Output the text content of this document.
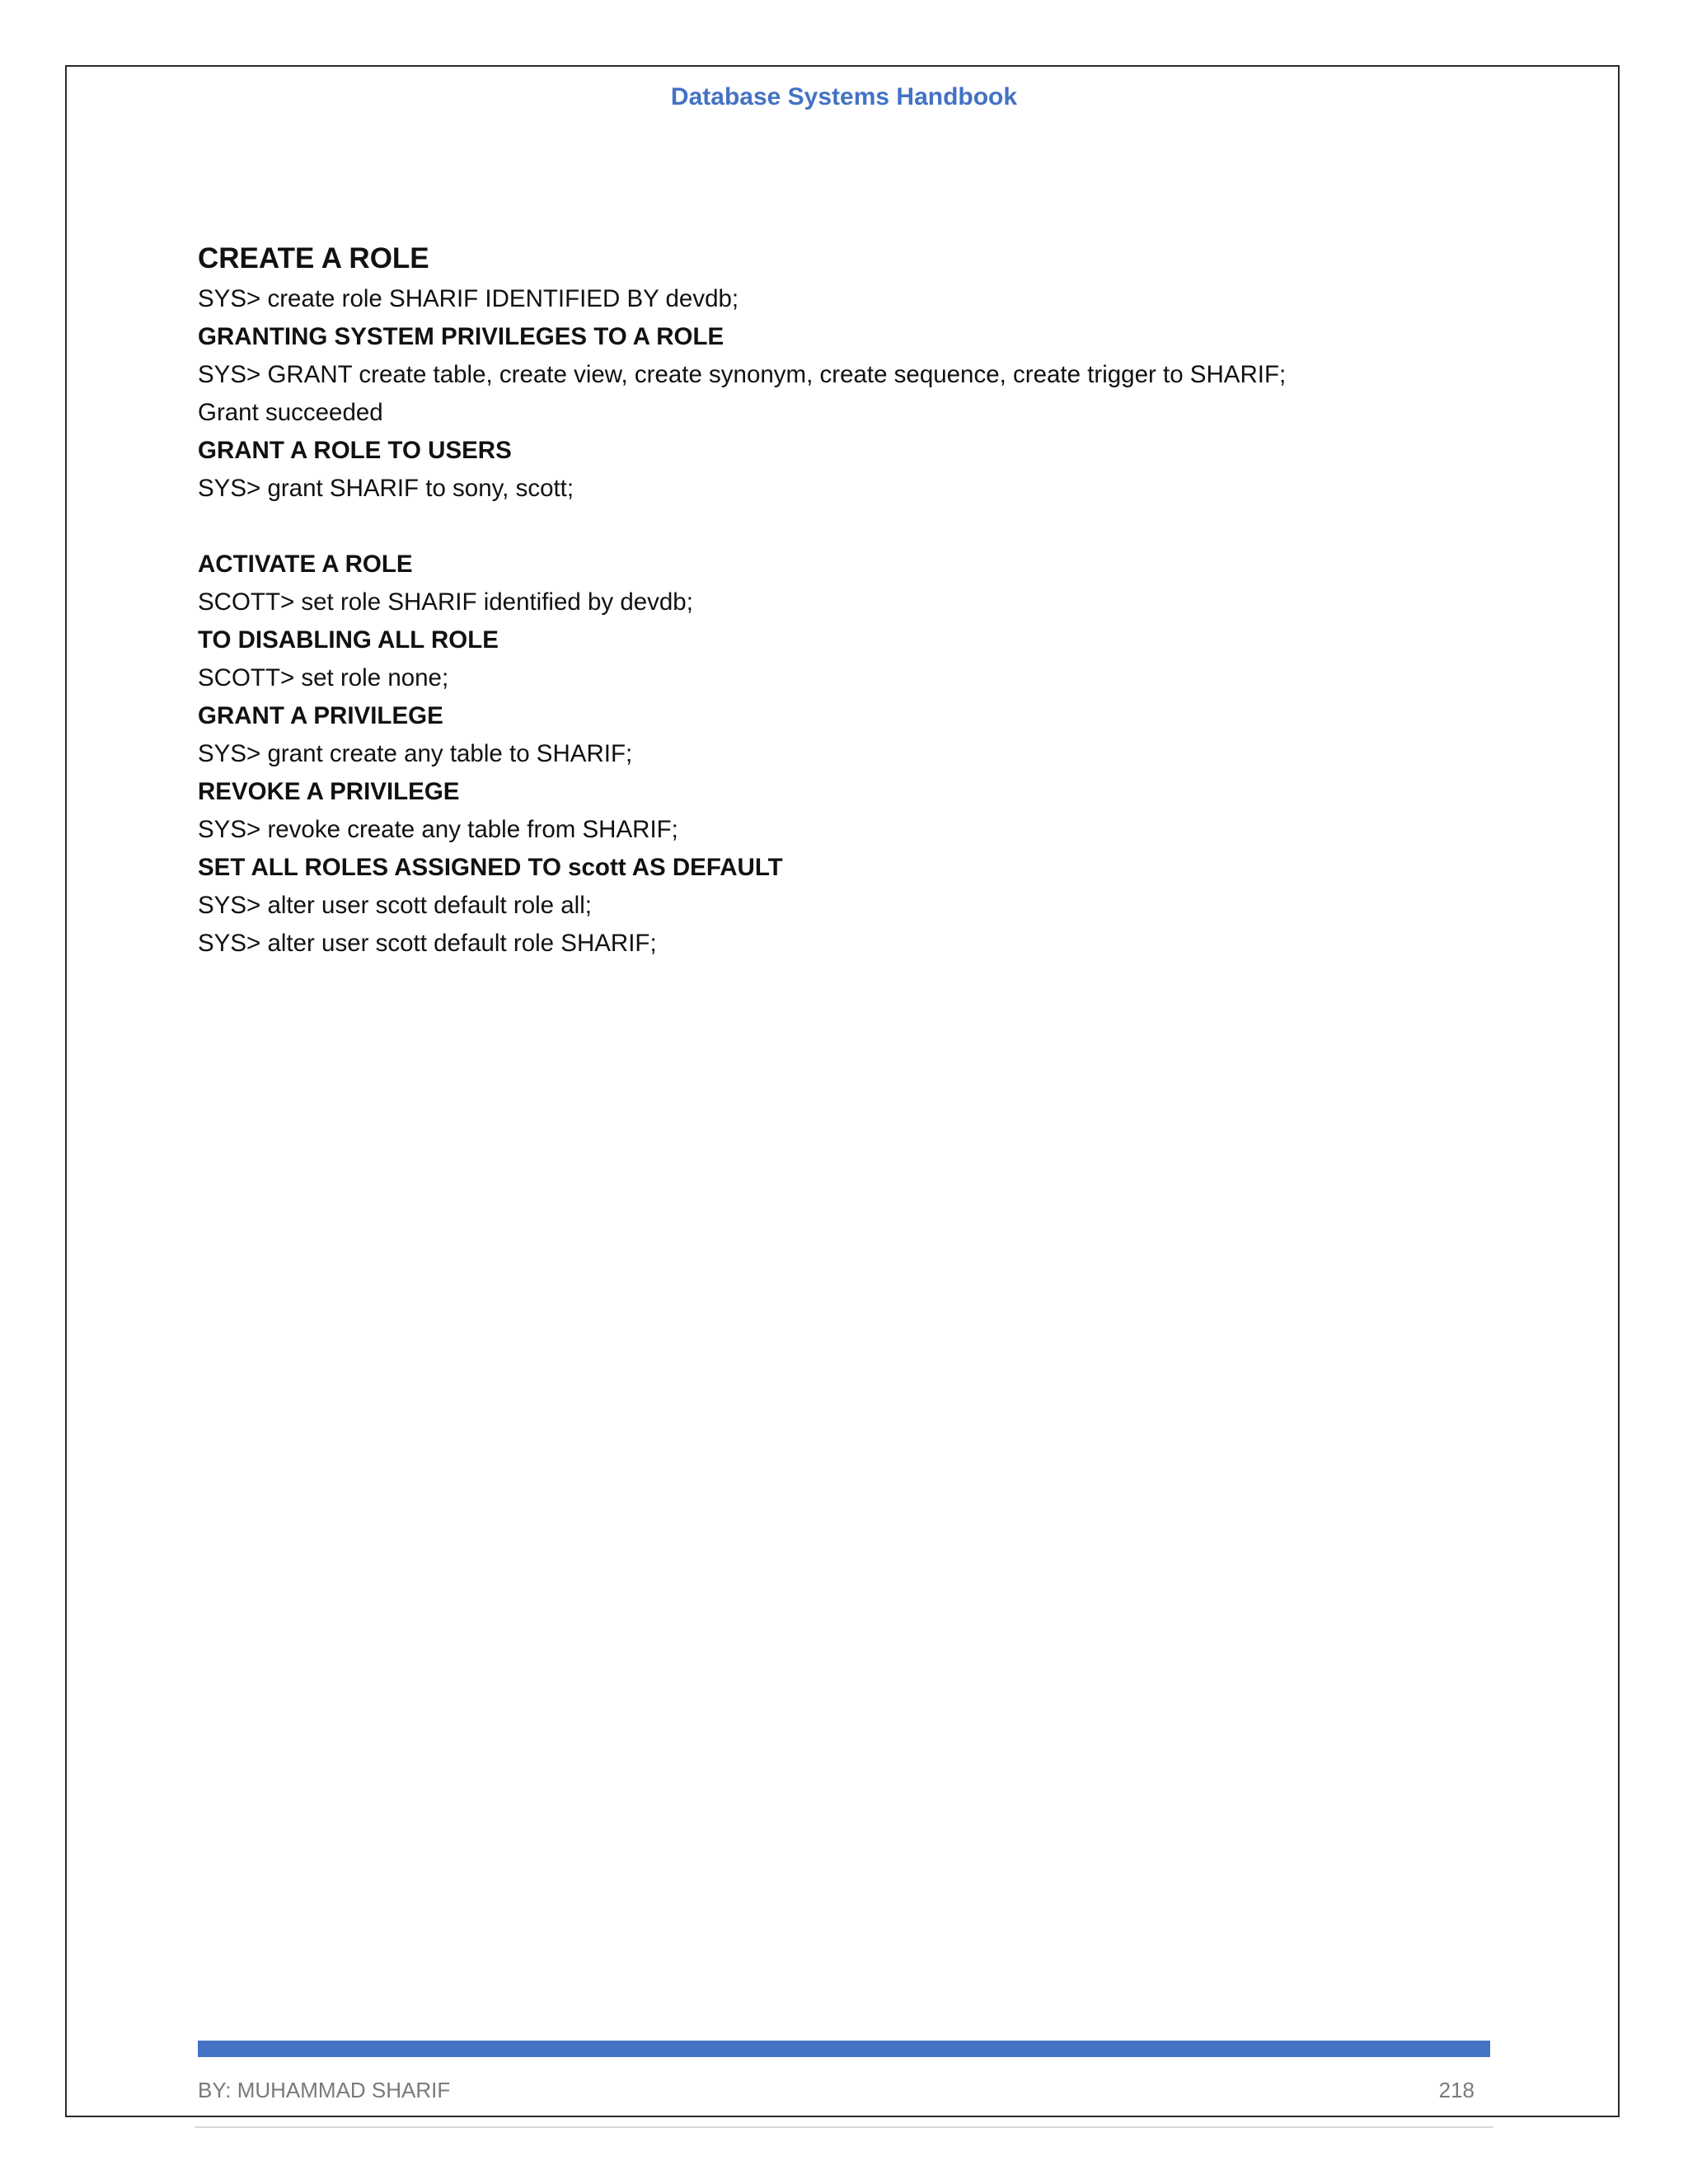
Database Systems Handbook
CREATE A ROLE
SYS> create role SHARIF IDENTIFIED BY devdb;
GRANTING SYSTEM PRIVILEGES TO A ROLE
SYS> GRANT create table, create view, create synonym, create sequence, create trigger to SHARIF;
Grant succeeded
GRANT A ROLE TO USERS
SYS> grant SHARIF to sony, scott;
ACTIVATE A ROLE
SCOTT> set role SHARIF identified by devdb;
TO DISABLING ALL ROLE
SCOTT> set role none;
GRANT A PRIVILEGE
SYS> grant create any table to SHARIF;
REVOKE A PRIVILEGE
SYS> revoke create any table from SHARIF;
SET ALL ROLES ASSIGNED TO scott AS DEFAULT
SYS> alter user scott default role all;
SYS> alter user scott default role SHARIF;
BY: MUHAMMAD SHARIF	218
